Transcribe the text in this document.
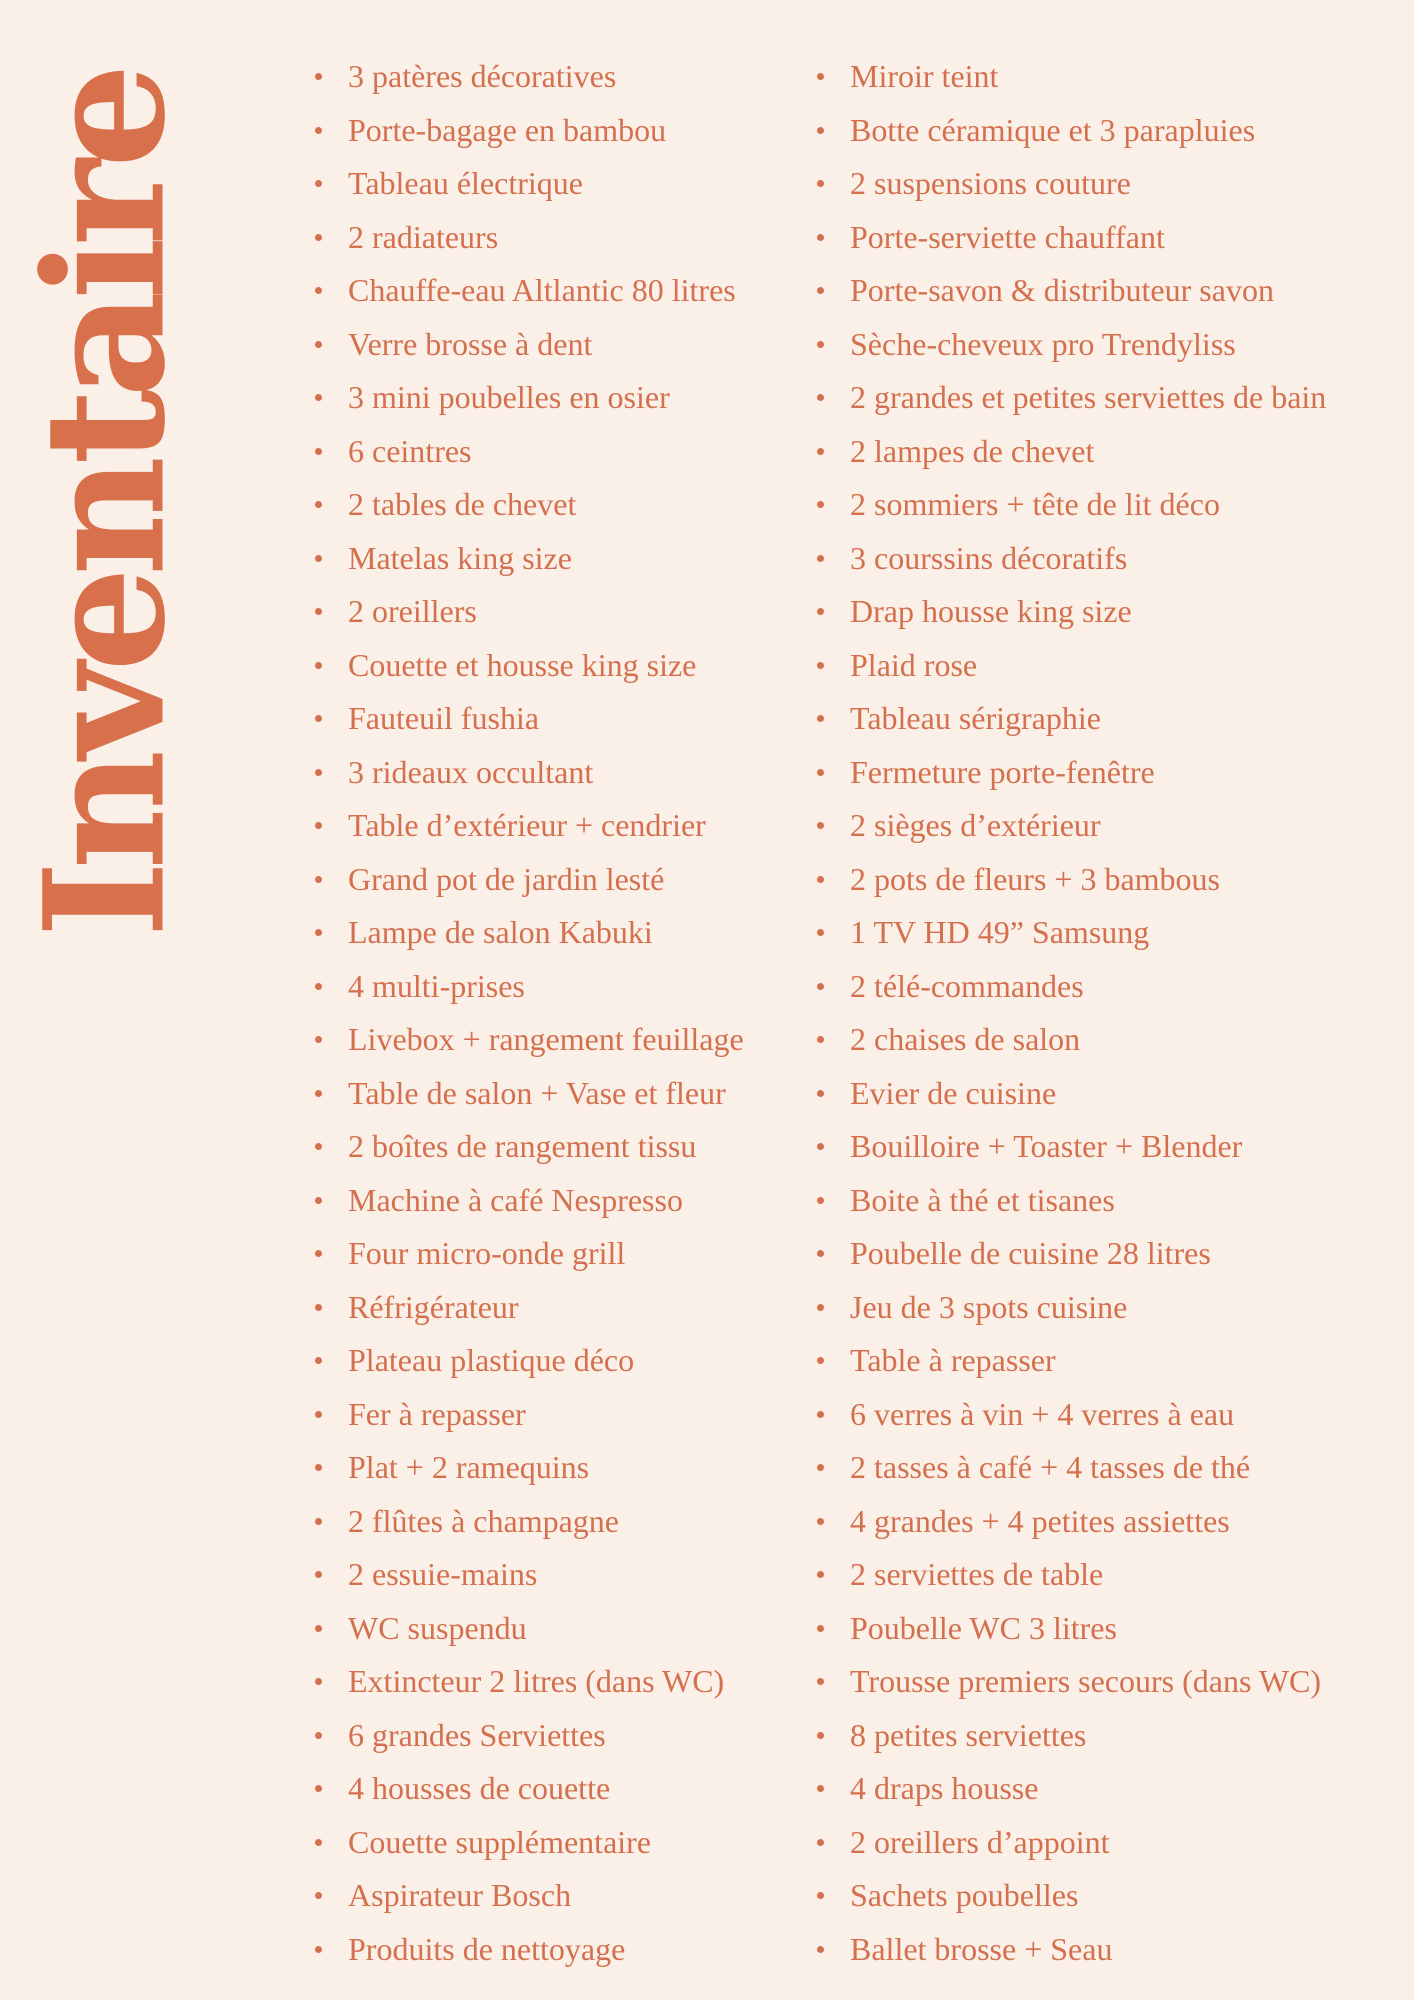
Inventaire	3 patères décoratives
Porte-bagage en bambou
Tableau électrique
2 radiateurs
Chauffe-eau Altlantic 80 litres
Verre brosse à dent
3 mini poubelles en osier
6 ceintres
2 tables de chevet
Matelas king size
2 oreillers
Couette et housse king size
Fauteuil fushia
3 rideaux occultant
Table d’extérieur + cendrier
Grand pot de jardin lesté
Lampe de salon Kabuki
4 multi-prises
Livebox + rangement feuillage
Table de salon + Vase et fleur
2 boîtes de rangement tissu
Machine à café Nespresso
Four micro-onde grill
Réfrigérateur
Plateau plastique déco
Fer à repasser
Plat + 2 ramequins
2 flûtes à champagne
2 essuie-mains
WC suspendu
Extincteur 2 litres (dans WC)
6 grandes Serviettes
4 housses de couette
Couette supplémentaire
Aspirateur Bosch
Produits de nettoyage
Miroir teint
Botte céramique et 3 parapluies
2 suspensions couture
Porte-serviette chauffant
Porte-savon & distributeur savon
Sèche-cheveux pro Trendyliss
2 grandes et petites serviettes de bain
2 lampes de chevet
2 sommiers + tête de lit déco
3 courssins décoratifs
Drap housse king size
Plaid rose
Tableau sérigraphie
Fermeture porte-fenêtre
2 sièges d’extérieur
2 pots de fleurs + 3 bambous
1 TV HD 49” Samsung
2 télé-commandes
2 chaises de salon
Evier de cuisine
Bouilloire + Toaster + Blender
Boite à thé et tisanes
Poubelle de cuisine 28 litres
Jeu de 3 spots cuisine
Table à repasser
6 verres à vin + 4 verres à eau
2 tasses à café + 4 tasses de thé
4 grandes + 4 petites assiettes
2 serviettes de table
Poubelle WC 3 litres
Trousse premiers secours (dans WC)
8 petites serviettes
4 draps housse
2 oreillers d’appoint
Sachets poubelles
Ballet brosse + Seau
